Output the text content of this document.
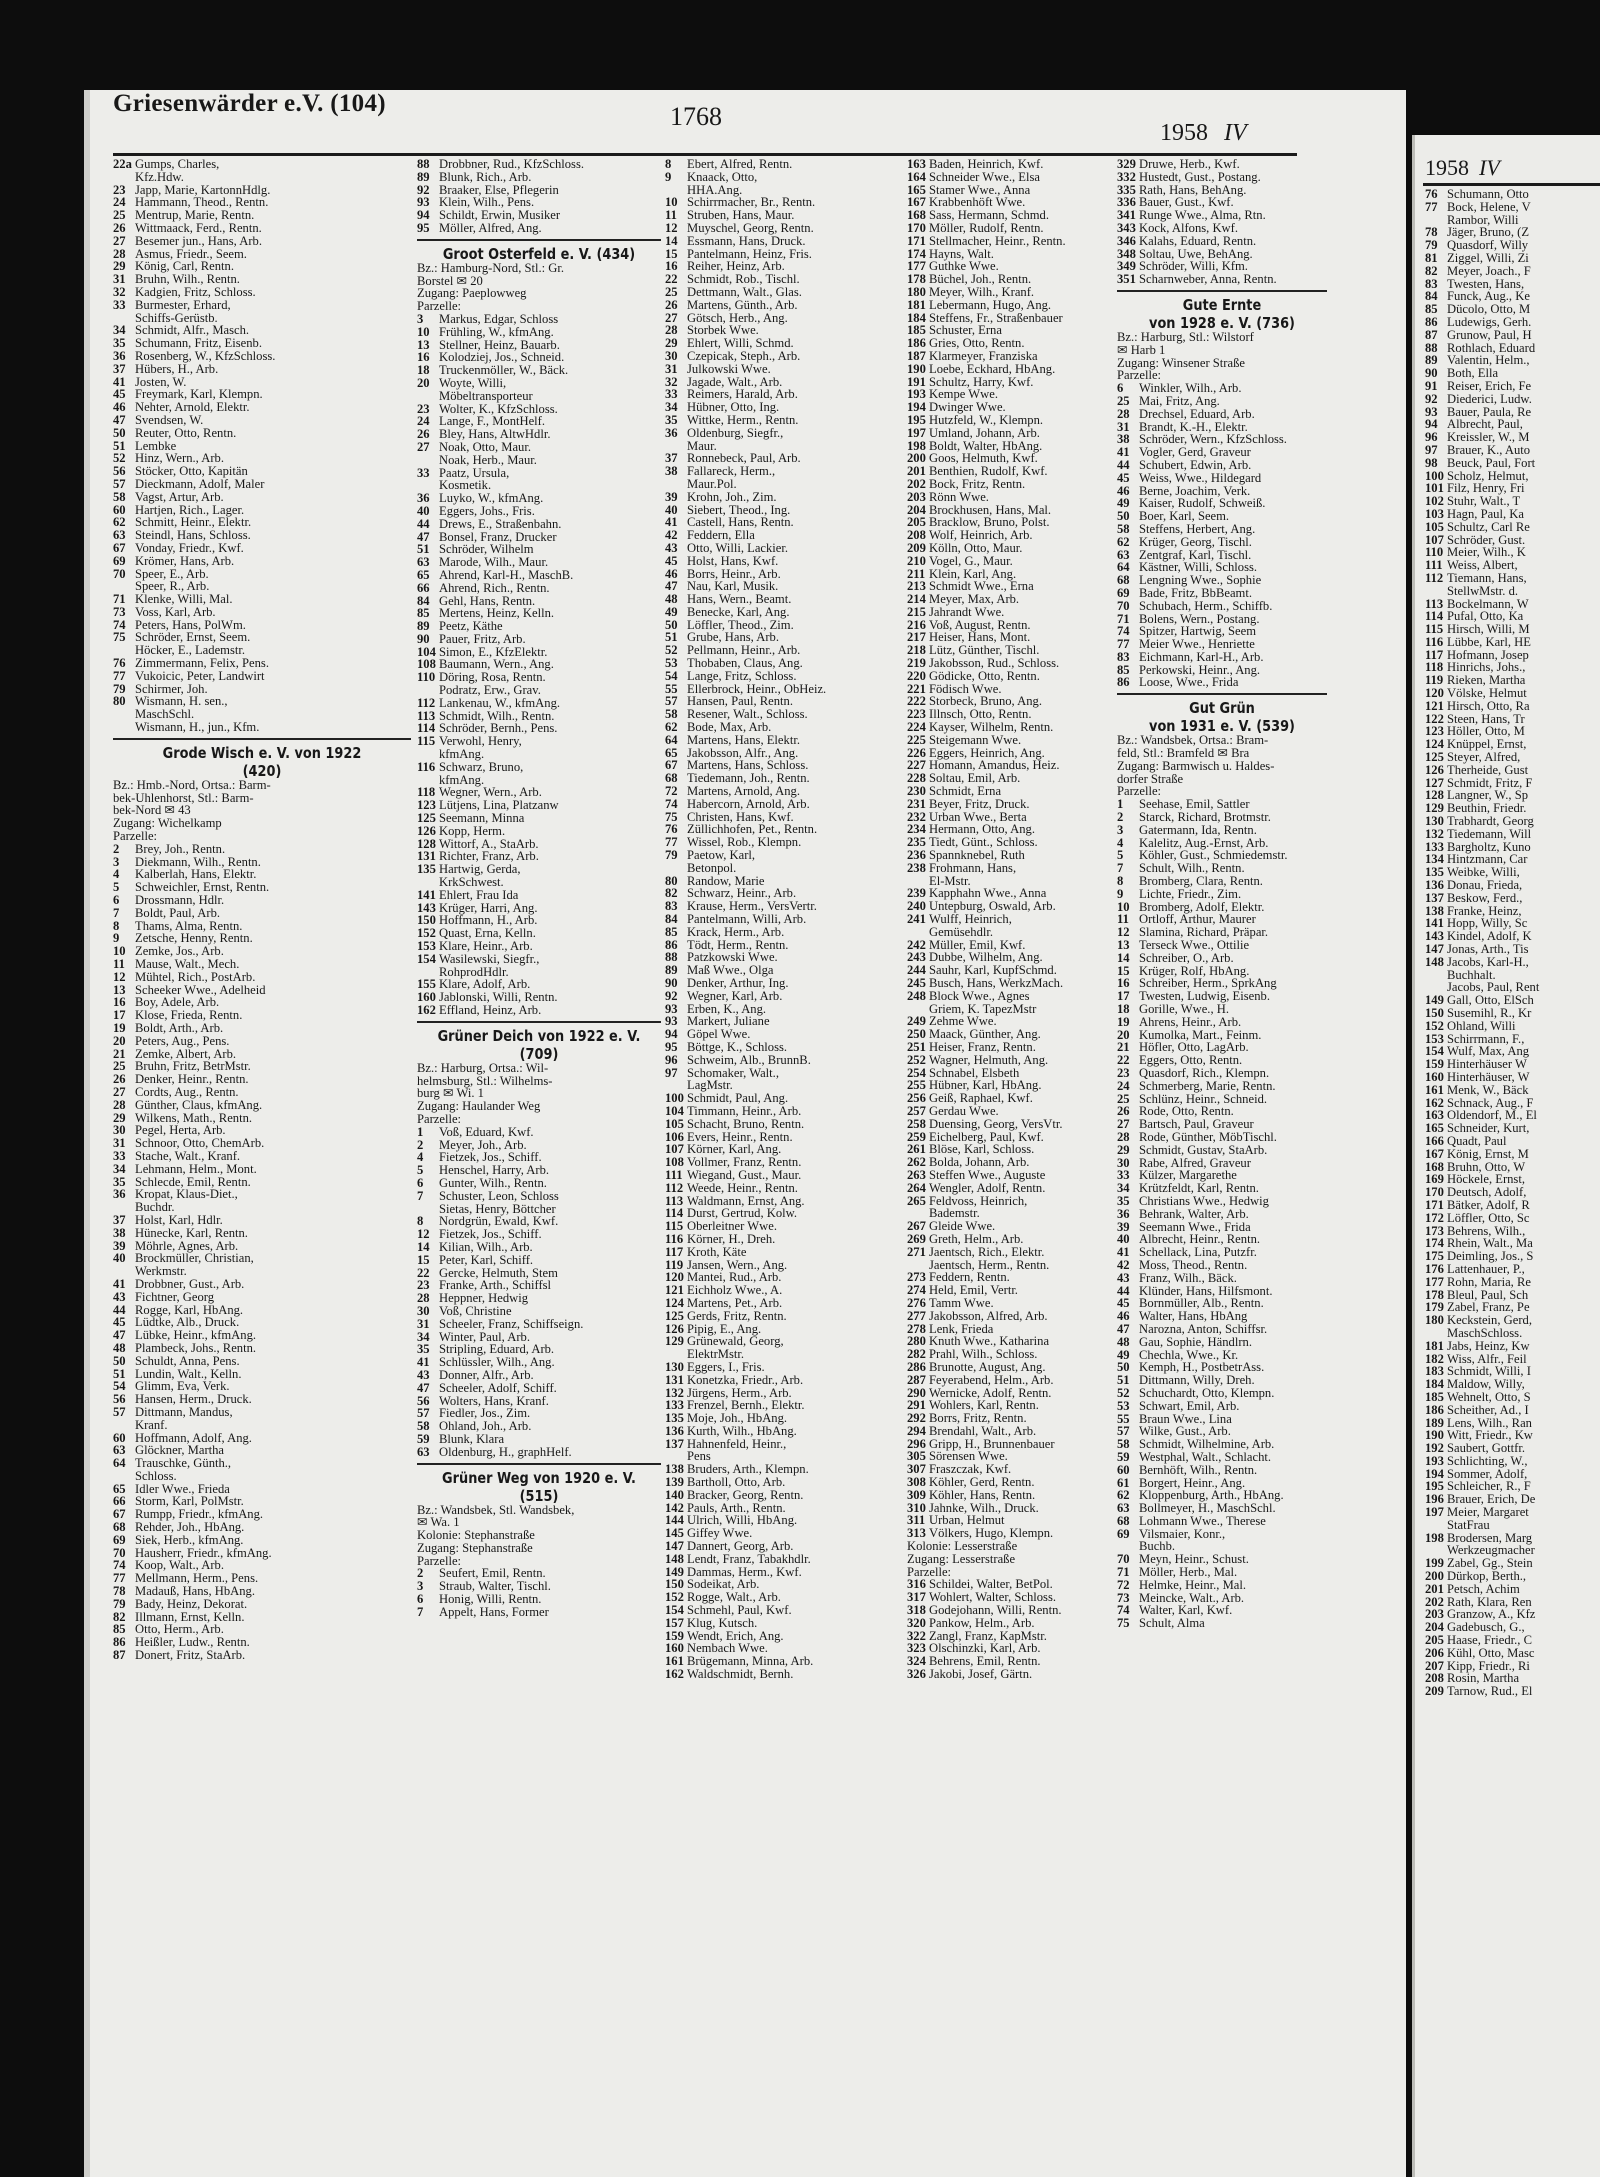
Griesenwärder e.V. (104)	1768
1958 IV
22a Gumps, Charles,
Kfz.Hdw.
23 Japp, Marie, KartonnHdlg.
24 Hammann, Theod., Rentn.
25 Mentrup, Marie, Rentn.
26 Wittmaack, Ferd., Rentn.
27 Besemer jun., Hans, Arb.
28 Asmus, Friedr., Seem.
29 König, Carl, Rentn.
31 Bruhn, Wilh., Rentn.
32 Kadgien, Fritz, Schloss.
33 Burmester, Erhard,
Schiffs-Gerüstb.
34 Schmidt, Alfr., Masch.
35 Schumann, Fritz, Eisenb.
36 Rosenberg, W., KfzSchloss.
37 Hübers, H., Arb.
41 Josten, W.
45 Freymark, Karl, Klempn.
46 Nehter, Arnold, Elektr.
47 Svendsen, W.
50 Reuter, Otto, Rentn.
51 Lembke
52 Hinz, Wern., Arb.
56 Stöcker, Otto, Kapitän
57 Dieckmann, Adolf, Maler
58 Vagst, Artur, Arb.
60 Hartjen, Rich., Lager.
62 Schmitt, Heinr., Elektr.
63 Steindl, Hans, Schloss.
67 Vonday, Friedr., Kwf.
69 Krömer, Hans, Arb.
70 Speer, E., Arb.
Speer, R., Arb.
71 Klenke, Willi, Mal.
73 Voss, Karl, Arb.
74 Peters, Hans, PolWm.
75 Schröder, Ernst, Seem.
Höcker, E., Lademstr.
76 Zimmermann, Felix, Pens.
77 Vukoicic, Peter, Landwirt
79 Schirmer, Joh.
80 Wismann, H. sen.,
MaschSchl.
Wismann, H., jun., Kfm.
Grode Wisch e. V. von 1922
(420)
Bz.: Hmb.-Nord, Ortsa.: Barm-
bek-Uhlenhorst, Stl.: Barm-
bek-Nord ✉ 43
Zugang: Wichelkamp
Parzelle:
2 Brey, Joh., Rentn.
3 Diekmann, Wilh., Rentn.
4 Kalberlah, Hans, Elektr.
5 Schweichler, Ernst, Rentn.
6 Drossmann, Hdlr.
7 Boldt, Paul, Arb.
8 Thams, Alma, Rentn.
9 Zetsche, Henny, Rentn.
10 Zemke, Jos., Arb.
11 Mause, Walt., Mech.
12 Mühtel, Rich., PostArb.
13 Scheeker Wwe., Adelheid
16 Boy, Adele, Arb.
17 Klose, Frieda, Rentn.
19 Boldt, Arth., Arb.
20 Peters, Aug., Pens.
21 Zemke, Albert, Arb.
25 Bruhn, Fritz, BetrMstr.
26 Denker, Heinr., Rentn.
27 Cordts, Aug., Rentn.
28 Günther, Claus, kfmAng.
29 Wilkens, Math., Rentn.
30 Pegel, Herta, Arb.
31 Schnoor, Otto, ChemArb.
33 Stache, Walt., Kranf.
34 Lehmann, Helm., Mont.
35 Schlecde, Emil, Rentn.
36 Kropat, Klaus-Diet.,
Buchdr.
37 Holst, Karl, Hdlr.
38 Hünecke, Karl, Rentn.
39 Möhrle, Agnes, Arb.
40 Brockmüller, Christian,
Werkmstr.
41 Drobbner, Gust., Arb.
43 Fichtner, Georg
44 Rogge, Karl, HbAng.
45 Lüdtke, Alb., Druck.
47 Lübke, Heinr., kfmAng.
48 Plambeck, Johs., Rentn.
50 Schuldt, Anna, Pens.
51 Lundin, Walt., Kelln.
54 Glimm, Eva, Verk.
56 Hansen, Herm., Druck.
57 Dittmann, Mandus,
Kranf.
60 Hoffmann, Adolf, Ang.
63 Glöckner, Martha
64 Trauschke, Günth.,
Schloss.
65 Idler Wwe., Frieda
66 Storm, Karl, PolMstr.
67 Rumpp, Friedr., kfmAng.
68 Rehder, Joh., HbAng.
69 Siek, Herb., kfmAng.
70 Hausherr, Friedr., kfmAng.
74 Koop, Walt., Arb.
77 Mellmann, Herm., Pens.
78 Madauß, Hans, HbAng.
79 Bady, Heinz, Dekorat.
82 Illmann, Ernst, Kelln.
85 Otto, Herm., Arb.
86 Heißler, Ludw., Rentn.
87 Donert, Fritz, StaArb.
88 Drobbner, Rud., KfzSchloss.
89 Blunk, Rich., Arb.
92 Braaker, Else, Pflegerin
93 Klein, Wilh., Pens.
94 Schildt, Erwin, Musiker
95 Möller, Alfred, Ang.
Groot Osterfeld e. V. (434)
Bz.: Hamburg-Nord, Stl.: Gr.
Borstel ✉ 20
Zugang: Paeplowweg
Parzelle:
3 Markus, Edgar, Schloss
10 Frühling, W., kfmAng.
13 Stellner, Heinz, Bauarb.
16 Kolodziej, Jos., Schneid.
18 Truckenmöller, W., Bäck.
20 Woyte, Willi,
Möbeltransporteur
23 Wolter, K., KfzSchloss.
24 Lange, F., MontHelf.
26 Bley, Hans, AltwHdlr.
27 Noak, Otto, Maur.
Noak, Herb., Maur.
33 Paatz, Ursula,
Kosmetik.
36 Luyko, W., kfmAng.
40 Eggers, Johs., Fris.
44 Drews, E., Straßenbahn.
47 Bonsel, Franz, Drucker
51 Schröder, Wilhelm
63 Marode, Wilh., Maur.
65 Ahrend, Karl-H., MaschB.
66 Ahrend, Rich., Rentn.
84 Gehl, Hans, Rentn.
85 Mertens, Heinz, Kelln.
89 Peetz, Käthe
90 Pauer, Fritz, Arb.
104 Simon, E., KfzElektr.
108 Baumann, Wern., Ang.
110 Döring, Rosa, Rentn.
Podratz, Erw., Grav.
112 Lankenau, W., kfmAng.
113 Schmidt, Wilh., Rentn.
114 Schröder, Bernh., Pens.
115 Verwohl, Henry,
kfmAng.
116 Schwarz, Bruno,
kfmAng.
118 Wegner, Wern., Arb.
123 Lütjens, Lina, Platzanw
125 Seemann, Minna
126 Kopp, Herm.
128 Wittorf, A., StaArb.
131 Richter, Franz, Arb.
135 Hartwig, Gerda,
KrkSchwest.
141 Ehlert, Frau Ida
143 Krüger, Harri, Ang.
150 Hoffmann, H., Arb.
152 Quast, Erna, Kelln.
153 Klare, Heinr., Arb.
154 Wasilewski, Siegfr.,
RohprodHdlr.
155 Klare, Adolf, Arb.
160 Jablonski, Willi, Rentn.
162 Effland, Heinz, Arb.
Grüner Deich von 1922 e. V.
(709)
Bz.: Harburg, Ortsa.: Wil-
helmsburg, Stl.: Wilhelms-
burg ✉ Wi. 1
Zugang: Haulander Weg
Parzelle:
1 Voß, Eduard, Kwf.
2 Meyer, Joh., Arb.
4 Fietzek, Jos., Schiff.
5 Henschel, Harry, Arb.
6 Gunter, Wilh., Rentn.
7 Schuster, Leon, Schloss
Sietas, Henry, Böttcher
8 Nordgrün, Ewald, Kwf.
12 Fietzek, Jos., Schiff.
14 Kilian, Wilh., Arb.
15 Peter, Karl, Schiff.
22 Gercke, Helmuth, Stem
23 Franke, Arth., Schiffsl
28 Heppner, Hedwig
30 Voß, Christine
31 Scheeler, Franz, Schiffseign.
34 Winter, Paul, Arb.
35 Stripling, Eduard, Arb.
41 Schlüssler, Wilh., Ang.
43 Donner, Alfr., Arb.
47 Scheeler, Adolf, Schiff.
56 Wolters, Hans, Kranf.
57 Fiedler, Jos., Zim.
58 Ohland, Joh., Arb.
59 Blunk, Klara
63 Oldenburg, H., graphHelf.
Grüner Weg von 1920 e. V.
(515)
Bz.: Wandsbek, Stl. Wandsbek,
✉ Wa. 1
Kolonie: Stephanstraße
Zugang: Stephanstraße
Parzelle:
2 Seufert, Emil, Rentn.
3 Straub, Walter, Tischl.
6 Honig, Willi, Rentn.
7 Appelt, Hans, Former
8 Ebert, Alfred, Rentn.
9 Knaack, Otto,
HHA.Ang.
10 Schirrmacher, Br., Rentn.
11 Struben, Hans, Maur.
12 Muyschel, Georg, Rentn.
14 Essmann, Hans, Druck.
15 Pantelmann, Heinz, Fris.
16 Reiher, Heinz, Arb.
22 Schmidt, Rob., Tischl.
25 Dettmann, Walt., Glas.
26 Martens, Günth., Arb.
27 Götsch, Herb., Ang.
28 Storbek Wwe.
29 Ehlert, Willi, Schmd.
30 Czepicak, Steph., Arb.
31 Julkowski Wwe.
32 Jagade, Walt., Arb.
33 Reimers, Harald, Arb.
34 Hübner, Otto, Ing.
35 Wittke, Herm., Rentn.
36 Oldenburg, Siegfr.,
Maur.
37 Ronnebeck, Paul, Arb.
38 Fallareck, Herm.,
Maur.Pol.
39 Krohn, Joh., Zim.
40 Siebert, Theod., Ing.
41 Castell, Hans, Rentn.
42 Feddern, Ella
43 Otto, Willi, Lackier.
45 Holst, Hans, Kwf.
46 Borrs, Heinr., Arb.
47 Nau, Karl, Musik.
48 Hans, Wern., Beamt.
49 Benecke, Karl, Ang.
50 Löffler, Theod., Zim.
51 Grube, Hans, Arb.
52 Pellmann, Heinr., Arb.
53 Thobaben, Claus, Ang.
54 Lange, Fritz, Schloss.
55 Ellerbrock, Heinr., ObHeiz.
57 Hansen, Paul, Rentn.
58 Resener, Walt., Schloss.
62 Bode, Max, Arb.
64 Martens, Hans, Elektr.
65 Jakobsson, Alfr., Ang.
67 Martens, Hans, Schloss.
68 Tiedemann, Joh., Rentn.
72 Martens, Arnold, Ang.
74 Habercorn, Arnold, Arb.
75 Christen, Hans, Kwf.
76 Züllichhofen, Pet., Rentn.
77 Wissel, Rob., Klempn.
79 Paetow, Karl,
Betonpol.
80 Randow, Marie
82 Schwarz, Heinr., Arb.
83 Krause, Herm., VersVertr.
84 Pantelmann, Willi, Arb.
85 Krack, Herm., Arb.
86 Tödt, Herm., Rentn.
88 Patzkowski Wwe.
89 Maß Wwe., Olga
90 Denker, Arthur, Ing.
92 Wegner, Karl, Arb.
93 Erben, K., Ang.
93 Markert, Juliane
94 Göpel Wwe.
95 Böttge, K., Schloss.
96 Schweim, Alb., BrunnB.
97 Schomaker, Walt.,
LagMstr.
100 Schmidt, Paul, Ang.
104 Timmann, Heinr., Arb.
105 Schacht, Bruno, Rentn.
106 Evers, Heinr., Rentn.
107 Körner, Karl, Ang.
108 Vollmer, Franz, Rentn.
111 Wiegand, Gust., Maur.
112 Weede, Heinr., Rentn.
113 Waldmann, Ernst, Ang.
114 Durst, Gertrud, Kolw.
115 Oberleitner Wwe.
116 Körner, H., Dreh.
117 Kroth, Käte
119 Jansen, Wern., Ang.
120 Mantei, Rud., Arb.
121 Eichholz Wwe., A.
124 Martens, Pet., Arb.
125 Gerds, Fritz, Rentn.
126 Pipig, E., Ang.
129 Grünewald, Georg,
ElektrMstr.
130 Eggers, I., Fris.
131 Konetzka, Friedr., Arb.
132 Jürgens, Herm., Arb.
133 Frenzel, Bernh., Elektr.
135 Moje, Joh., HbAng.
136 Kurth, Wilh., HbAng.
137 Hahnenfeld, Heinr.,
Pens
138 Bruders, Arth., Klempn.
139 Bartholl, Otto, Arb.
140 Bracker, Georg, Rentn.
142 Pauls, Arth., Rentn.
144 Ulrich, Willi, HbAng.
145 Giffey Wwe.
147 Dannert, Georg, Arb.
148 Lendt, Franz, Tabakhdlr.
149 Dammas, Herm., Kwf.
150 Sodeikat, Arb.
152 Rogge, Walt., Arb.
154 Schmehl, Paul, Kwf.
157 Klug, Kutsch.
159 Wendt, Erich, Ang.
160 Nembach Wwe.
161 Brügemann, Minna, Arb.
162 Waldschmidt, Bernh.
163 Baden, Heinrich, Kwf.
164 Schneider Wwe., Elsa
165 Stamer Wwe., Anna
167 Krabbenhöft Wwe.
168 Sass, Hermann, Schmd.
170 Möller, Rudolf, Rentn.
171 Stellmacher, Heinr., Rentn.
174 Hayns, Walt.
177 Guthke Wwe.
178 Büchel, Joh., Rentn.
180 Meyer, Wilh., Kranf.
181 Lebermann, Hugo, Ang.
184 Steffens, Fr., Straßenbauer
185 Schuster, Erna
186 Gries, Otto, Rentn.
187 Klarmeyer, Franziska
190 Loebe, Eckhard, HbAng.
191 Schultz, Harry, Kwf.
193 Kempe Wwe.
194 Dwinger Wwe.
195 Hutzfeld, W., Klempn.
197 Umland, Johann, Arb.
198 Boldt, Walter, HbAng.
200 Goos, Helmuth, Kwf.
201 Benthien, Rudolf, Kwf.
202 Bock, Fritz, Rentn.
203 Rönn Wwe.
204 Brockhusen, Hans, Mal.
205 Bracklow, Bruno, Polst.
208 Wolf, Heinrich, Arb.
209 Kölln, Otto, Maur.
210 Vogel, G., Maur.
211 Klein, Karl, Ang.
213 Schmidt Wwe., Erna
214 Meyer, Max, Arb.
215 Jahrandt Wwe.
216 Voß, August, Rentn.
217 Heiser, Hans, Mont.
218 Lütz, Günther, Tischl.
219 Jakobsson, Rud., Schloss.
220 Gödicke, Otto, Rentn.
221 Födisch Wwe.
222 Storbeck, Bruno, Ang.
223 Illnsch, Otto, Rentn.
224 Kayser, Wilhelm, Rentn.
225 Steigemann Wwe.
226 Eggers, Heinrich, Ang.
227 Homann, Amandus, Heiz.
228 Soltau, Emil, Arb.
230 Schmidt, Erna
231 Beyer, Fritz, Druck.
232 Urban Wwe., Berta
234 Hermann, Otto, Ang.
235 Tiedt, Günt., Schloss.
236 Spannknebel, Ruth
238 Frohmann, Hans,
El-Mstr.
239 Kapphahn Wwe., Anna
240 Untерburg, Oswald, Arb.
241 Wulff, Heinrich,
Gemüsehdlr.
242 Müller, Emil, Kwf.
243 Dubbe, Wilhelm, Ang.
244 Sauhr, Karl, KupfSchmd.
245 Busch, Hans, WerkzMach.
248 Block Wwe., Agnes
Griem, K. TapezMstr
249 Zehme Wwe.
250 Maack, Günther, Ang.
251 Heiser, Franz, Rentn.
252 Wagner, Helmuth, Ang.
254 Schnabel, Elsbeth
255 Hübner, Karl, HbAng.
256 Geiß, Raphael, Kwf.
257 Gerdau Wwe.
258 Duensing, Georg, VersVtr.
259 Eichelberg, Paul, Kwf.
261 Blöse, Karl, Schloss.
262 Bolda, Johann, Arb.
263 Steffen Wwe., Auguste
264 Wengler, Adolf, Rentn.
265 Feldvoss, Heinrich,
Bademstr.
267 Gleide Wwe.
269 Greth, Helm., Arb.
271 Jaentsch, Rich., Elektr.
Jaentsch, Herm., Rentn.
273 Feddern, Rentn.
274 Held, Emil, Vertr.
276 Tamm Wwe.
277 Jakobsson, Alfred, Arb.
278 Lenk, Frieda
280 Knuth Wwe., Katharina
282 Prahl, Wilh., Schloss.
286 Brunotte, August, Ang.
287 Feyerabend, Helm., Arb.
290 Wernicke, Adolf, Rentn.
291 Wohlers, Karl, Rentn.
292 Borrs, Fritz, Rentn.
294 Brendahl, Walt., Arb.
296 Gripp, H., Brunnenbauer
305 Sörensen Wwe.
307 Fraszczak, Kwf.
308 Köhler, Gerd, Rentn.
309 Köhler, Hans, Rentn.
310 Jahnke, Wilh., Druck.
311 Urban, Helmut
313 Völkers, Hugo, Klempn.
Kolonie: Lesserstraße
Zugang: Lesserstraße
Parzelle:
316 Schildei, Walter, BetPol.
317 Wohlert, Walter, Schloss.
318 Godejohann, Willi, Rentn.
320 Pankow, Helm., Arb.
322 Zangl, Franz, KapMstr.
323 Olschinzki, Karl, Arb.
324 Behrens, Emil, Rentn.
326 Jakobi, Josef, Gärtn.
329 Druwe, Herb., Kwf.
332 Hustedt, Gust., Postang.
335 Rath, Hans, BehAng.
336 Bauer, Gust., Kwf.
341 Runge Wwe., Alma, Rtn.
343 Kock, Alfons, Kwf.
346 Kalahs, Eduard, Rentn.
348 Soltau, Uwe, BehAng.
349 Schröder, Willi, Kfm.
351 Scharnweber, Anna, Rentn.
Gute Ernte
von 1928 e. V. (736)
Bz.: Harburg, Stl.: Wilstorf
✉ Harb 1
Zugang: Winsener Straße
Parzelle:
6 Winkler, Wilh., Arb.
25 Mai, Fritz, Ang.
28 Drechsel, Eduard, Arb.
31 Brandt, K.-H., Elektr.
38 Schröder, Wern., KfzSchloss.
41 Vogler, Gerd, Graveur
44 Schubert, Edwin, Arb.
45 Weiss, Wwe., Hildegard
46 Berne, Joachim, Verk.
49 Kaiser, Rudolf, Schweiß.
50 Boer, Karl, Seem.
58 Steffens, Herbert, Ang.
62 Krüger, Georg, Tischl.
63 Zentgraf, Karl, Tischl.
64 Kästner, Willi, Schloss.
68 Lengning Wwe., Sophie
69 Bade, Fritz, BbBeamt.
70 Schubach, Herm., Schiffb.
71 Bolens, Wern., Postang.
74 Spitzer, Hartwig, Seem
77 Meier Wwe., Henriette
83 Eichmann, Karl-H., Arb.
85 Perkowski, Heinr., Ang.
86 Loose, Wwe., Frida
Gut Grün
von 1931 e. V. (539)
Bz.: Wandsbek, Ortsa.: Bram-
feld, Stl.: Bramfeld ✉ Bra
Zugang: Barmwisch u. Haldes-
dorfer Straße
Parzelle:
1 Seehase, Emil, Sattler
2 Starck, Richard, Brotmstr.
3 Gatermann, Ida, Rentn.
4 Kalelitz, Aug.-Ernst, Arb.
5 Köhler, Gust., Schmiedemstr.
7 Schult, Wilh., Rentn.
8 Bromberg, Clara, Rentn.
9 Lichte, Friedr., Zim.
10 Bromberg, Adolf, Elektr.
11 Ortloff, Arthur, Maurer
12 Slamina, Richard, Präpar.
13 Terseck Wwe., Ottilie
14 Schreiber, O., Arb.
15 Krüger, Rolf, HbAng.
16 Schreiber, Herm., SprkAng
17 Twesten, Ludwig, Eisenb.
18 Gorille, Wwe., H.
19 Ahrens, Heinr., Arb.
20 Kumolka, Mart., Feinm.
21 Höfler, Otto, LagArb.
22 Eggers, Otto, Rentn.
23 Quasdorf, Rich., Klempn.
24 Schmerberg, Marie, Rentn.
25 Schlünz, Heinr., Schneid.
26 Rode, Otto, Rentn.
27 Bartsch, Paul, Graveur
28 Rode, Günther, MöbTischl.
29 Schmidt, Gustav, StaArb.
30 Rabe, Alfred, Graveur
33 Külzer, Margarethe
34 Krützfeldt, Karl, Rentn.
35 Christians Wwe., Hedwig
36 Behrank, Walter, Arb.
39 Seemann Wwe., Frida
40 Albrecht, Heinr., Rentn.
41 Schellack, Lina, Putzfr.
42 Moss, Theod., Rentn.
43 Franz, Wilh., Bäck.
44 Klünder, Hans, Hilfsmont.
45 Bornmüller, Alb., Rentn.
46 Walter, Hans, HbAng
47 Narozna, Anton, Schiffsr.
48 Gau, Sophie, Händlrn.
49 Chechla, Wwe., Kr.
50 Kemph, H., PostbetrAss.
51 Dittmann, Willy, Dreh.
52 Schuchardt, Otto, Klempn.
53 Schwart, Emil, Arb.
55 Braun Wwe., Lina
57 Wilke, Gust., Arb.
58 Schmidt, Wilhelmine, Arb.
59 Westphal, Walt., Schlacht.
60 Bernhöft, Wilh., Rentn.
61 Borgert, Heinr., Ang.
62 Kloppenburg, Arth., HbAng.
63 Bollmeyer, H., MaschSchl.
68 Lohmann Wwe., Therese
69 Vilsmaier, Konr.,
Buchb.
70 Meyn, Heinr., Schust.
71 Möller, Herb., Mal.
72 Helmke, Heinr., Mal.
73 Meincke, Walt., Arb.
74 Walter, Karl, Kwf.
75 Schult, Alma
1958 IV
76 Schumann, Otto
77 Bock, Helene, V
Rambor, Willi
78 Jäger, Bruno, (Z
79 Quasdorf, Willy
81 Ziggel, Willi, Zi
82 Meyer, Joach., F
83 Twesten, Hans,
84 Funck, Aug., Ke
85 Dücolo, Otto, M
86 Ludewigs, Gerh.
87 Grunow, Paul, H
88 Rothlach, Eduard
89 Valentin, Helm.,
90 Both, Ella
91 Reiser, Erich, Fe
92 Diederici, Ludw.
93 Bauer, Paula, Re
94 Albrecht, Paul,
96 Kreissler, W., M
97 Brauer, K., Auto
98 Beuck, Paul, Fort
100 Scholz, Helmut,
101 Filz, Henry, Fri
102 Stuhr, Walt., T
103 Hagn, Paul, Ka
105 Schultz, Carl Re
107 Schröder, Gust.
110 Meier, Wilh., K
111 Weiss, Albert,
112 Tiemann, Hans,
StellwMstr. d.
113 Bockelmann, W
114 Pufal, Otto, Ka
115 Hirsch, Willi, M
116 Lübbe, Karl, HE
117 Hofmann, Josep
118 Hinrichs, Johs.,
119 Rieken, Martha
120 Völske, Helmut
121 Hirsch, Otto, Ra
122 Steen, Hans, Tr
123 Höller, Otto, M
124 Knüppel, Ernst,
125 Steyer, Alfred,
126 Therheide, Gust
127 Schmidt, Fritz, F
128 Langner, W., Sp
129 Beuthin, Friedr.
130 Trabhardt, Georg
132 Tiedemann, Will
133 Bargholtz, Kuno
134 Hintzmann, Car
135 Weibke, Willi,
136 Donau, Frieda,
137 Beskow, Ferd.,
138 Franke, Heinz,
141 Hopp, Willy, Sc
143 Kindel, Adolf, K
147 Jonas, Arth., Tis
148 Jacobs, Karl-H.,
Buchhalt.
Jacobs, Paul, Rent
149 Gall, Otto, ElSch
150 Susemihl, R., Kr
152 Ohland, Willi
153 Schirrmann, F.,
154 Wulf, Max, Ang
159 Hinterhäuser W
160 Hinterhäuser, W
161 Menk, W., Bäck
162 Schnack, Aug., F
163 Oldendorf, M., El
165 Schneider, Kurt,
166 Quadt, Paul
167 König, Ernst, M
168 Bruhn, Otto, W
169 Höckele, Ernst,
170 Deutsch, Adolf,
171 Bätker, Adolf, R
172 Löffler, Otto, Sc
173 Behrens, Wilh.,
174 Rhein, Walt., Ma
175 Deimling, Jos., S
176 Lattenhauer, P.,
177 Rohn, Maria, Re
178 Bleul, Paul, Sch
179 Zabel, Franz, Pe
180 Keckstein, Gerd,
MaschSchloss.
181 Jabs, Heinz, Kw
182 Wiss, Alfr., Feil
183 Schmidt, Willi, I
184 Maldow, Willy,
185 Wehnelt, Otto, S
186 Scheither, Ad., I
189 Lens, Wilh., Ran
190 Witt, Friedr., Kw
192 Saubert, Gottfr.
193 Schlichting, W.,
194 Sommer, Adolf,
195 Schleicher, R., F
196 Brauer, Erich, De
197 Meier, Margaret
StatFrau
198 Brodersen, Marg
Werkzeugmacher
199 Zabel, Gg., Stein
200 Dürkop, Berth.,
201 Petsch, Achim
202 Rath, Klara, Ren
203 Granzow, A., Kfz
204 Gadebusch, G.,
205 Haase, Friedr., C
206 Kühl, Otto, Masc
207 Kipp, Friedr., Ri
208 Rosin, Martha
209 Tarnow, Rud., El
